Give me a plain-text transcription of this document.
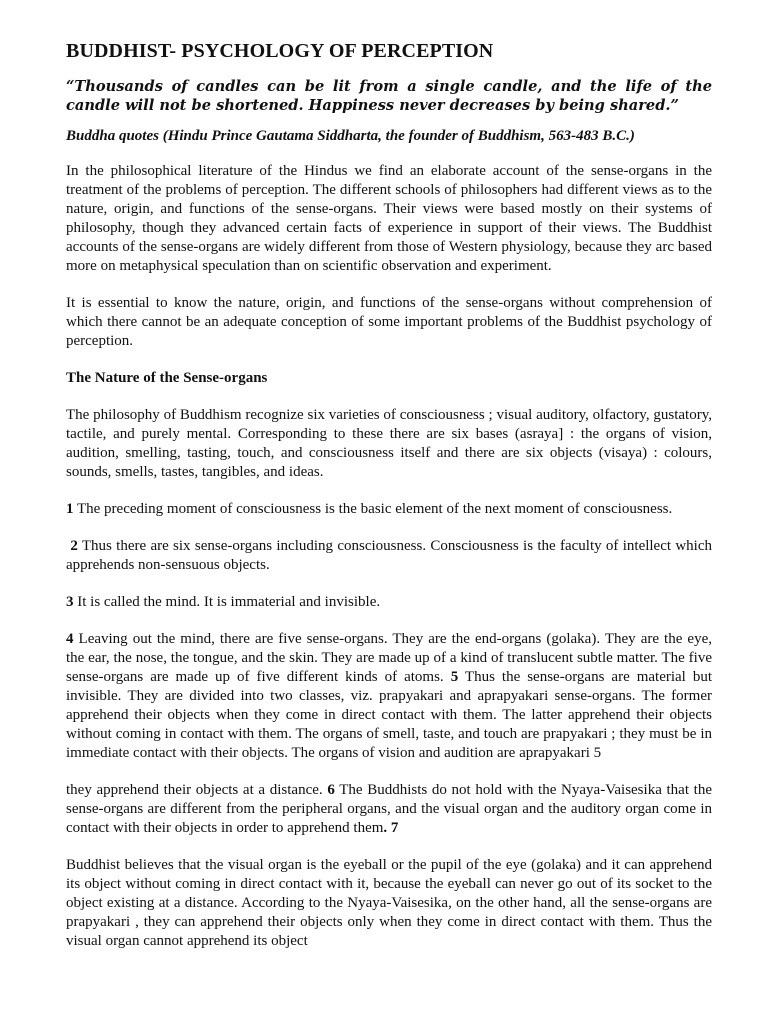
BUDDHIST- PSYCHOLOGY OF PERCEPTION

“Thousands of candles can be lit from a single candle, and the life of the candle will not be shortened. Happiness never decreases by being shared.”

Buddha quotes (Hindu Prince Gautama Siddharta, the founder of Buddhism, 563-483 B.C.)

In the philosophical literature of the Hindus we find an elaborate account of the sense-organs in the treatment of the problems of perception. The different schools of philosophers had different views as to the nature, origin, and functions of the sense-organs. Their views were based mostly on their systems of philosophy, though they advanced certain facts of experience in support of their views. The Buddhist accounts of the sense-organs are widely different from those of Western physiology, because they arc based more on metaphysical speculation than on scientific observation and experiment.

It is essential to know the nature, origin, and functions of the sense-organs without comprehension of which there cannot be an adequate conception of some important problems of the Buddhist psychology of perception.

The Nature of the Sense-organs

The philosophy of Buddhism recognize six varieties of consciousness ; visual auditory, olfactory, gustatory, tactile, and purely mental. Corresponding to these there are six bases (asraya] : the organs of vision, audition, smelling, tasting, touch, and consciousness itself and there are six objects (visaya) : colours, sounds, smells, tastes, tangibles, and ideas.

1 The preceding moment of consciousness is the basic element of the next moment of consciousness.

2 Thus there are six sense-organs including consciousness. Consciousness is the faculty of intellect which apprehends non-sensuous objects.

3 It is called the mind. It is immaterial and invisible.

4 Leaving out the mind, there are five sense-organs. They are the end-organs (golaka). They are the eye, the ear, the nose, the tongue, and the skin. They are made up of a kind of translucent subtle matter. The five sense-organs are made up of five different kinds of atoms. 5 Thus the sense-organs are material but invisible. They are divided into two classes, viz. prapyakari and aprapyakari sense-organs. The former apprehend their objects when they come in direct contact with them. The latter apprehend their objects without coming in contact with them. The organs of smell, taste, and touch are prapyakari ; they must be in immediate contact with their objects. The organs of vision and audition are aprapyakari 5

they apprehend their objects at a distance. 6 The Buddhists do not hold with the Nyaya-Vaisesika that the sense-organs are different from the peripheral organs, and the visual organ and the auditory organ come in contact with their objects in order to apprehend them. 7

Buddhist believes that the visual organ is the eyeball or the pupil of the eye (golaka) and it can apprehend its object without coming in direct contact with it, because the eyeball can never go out of its socket to the object existing at a distance. According to the Nyaya-Vaisesika, on the other hand, all the sense-organs are prapyakari , they can apprehend their objects only when they come in direct contact with them. Thus the visual organ cannot apprehend its object
